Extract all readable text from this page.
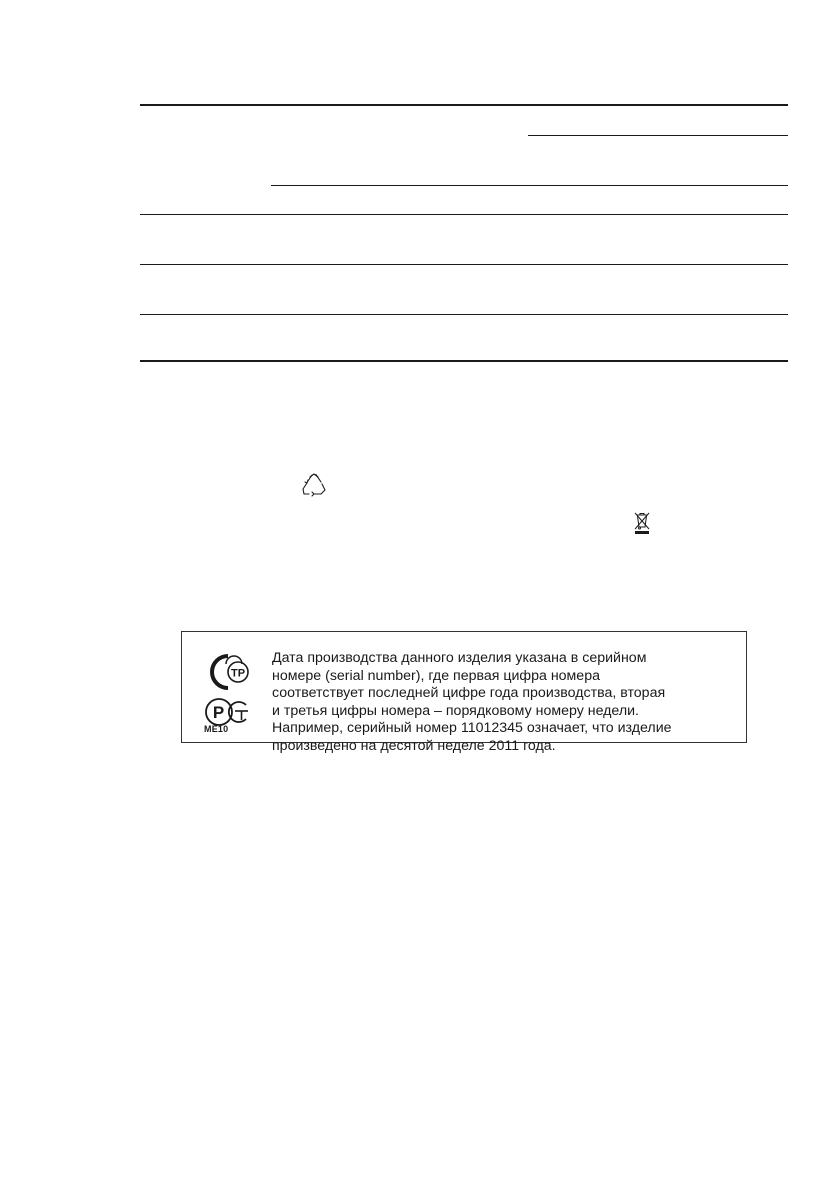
ТР
Р
ME10
Дата производства данного изделия указана в серийном
номере (serial number), где первая цифра номера
соответствует последней цифре года производства, вторая
и третья цифры номера – порядковому номеру недели.
Например, серийный номер 11012345 означает, что изделие
произведено на десятой неделе 2011 года.
